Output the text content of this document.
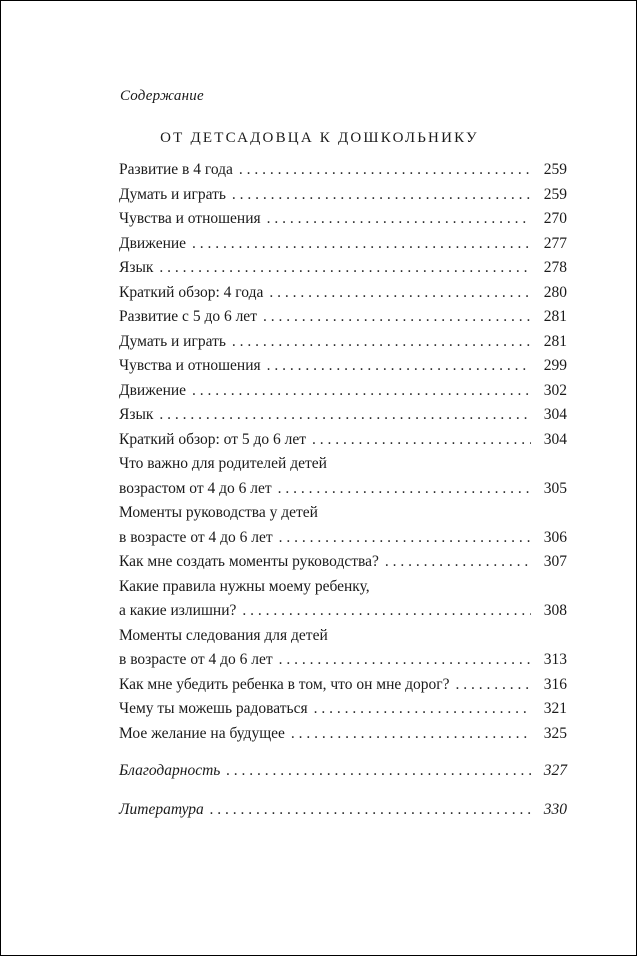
Содержание
ОТ ДЕТСАДОВЦА К ДОШКОЛЬНИКУ
Развитие в 4 года . . .	259
Думать и играть . . .	259
Чувства и отношения . . .	270
Движение . . .	277
Язык . . .	278
Краткий обзор: 4 года . . .	280
Развитие с 5 до 6 лет . . .	281
Думать и играть . . .	281
Чувства и отношения . . .	299
Движение . . .	302
Язык . . .	304
Краткий обзор: от 5 до 6 лет . . .	304
Что важно для родителей детей
возрастом от 4 до 6 лет . . .	305
Моменты руководства у детей
в возрасте от 4 до 6 лет . . .	306
Как мне создать моменты руководства? . . .	307
Какие правила нужны моему ребенку,
а какие излишни? . . .	308
Моменты следования для детей
в возрасте от 4 до 6 лет . . .	313
Как мне убедить ребенка в том, что он мне дорог? . . .	316
Чему ты можешь радоваться . . .	321
Мое желание на будущее . . .	325
Благодарность . . .	327
Литература . . .	330
